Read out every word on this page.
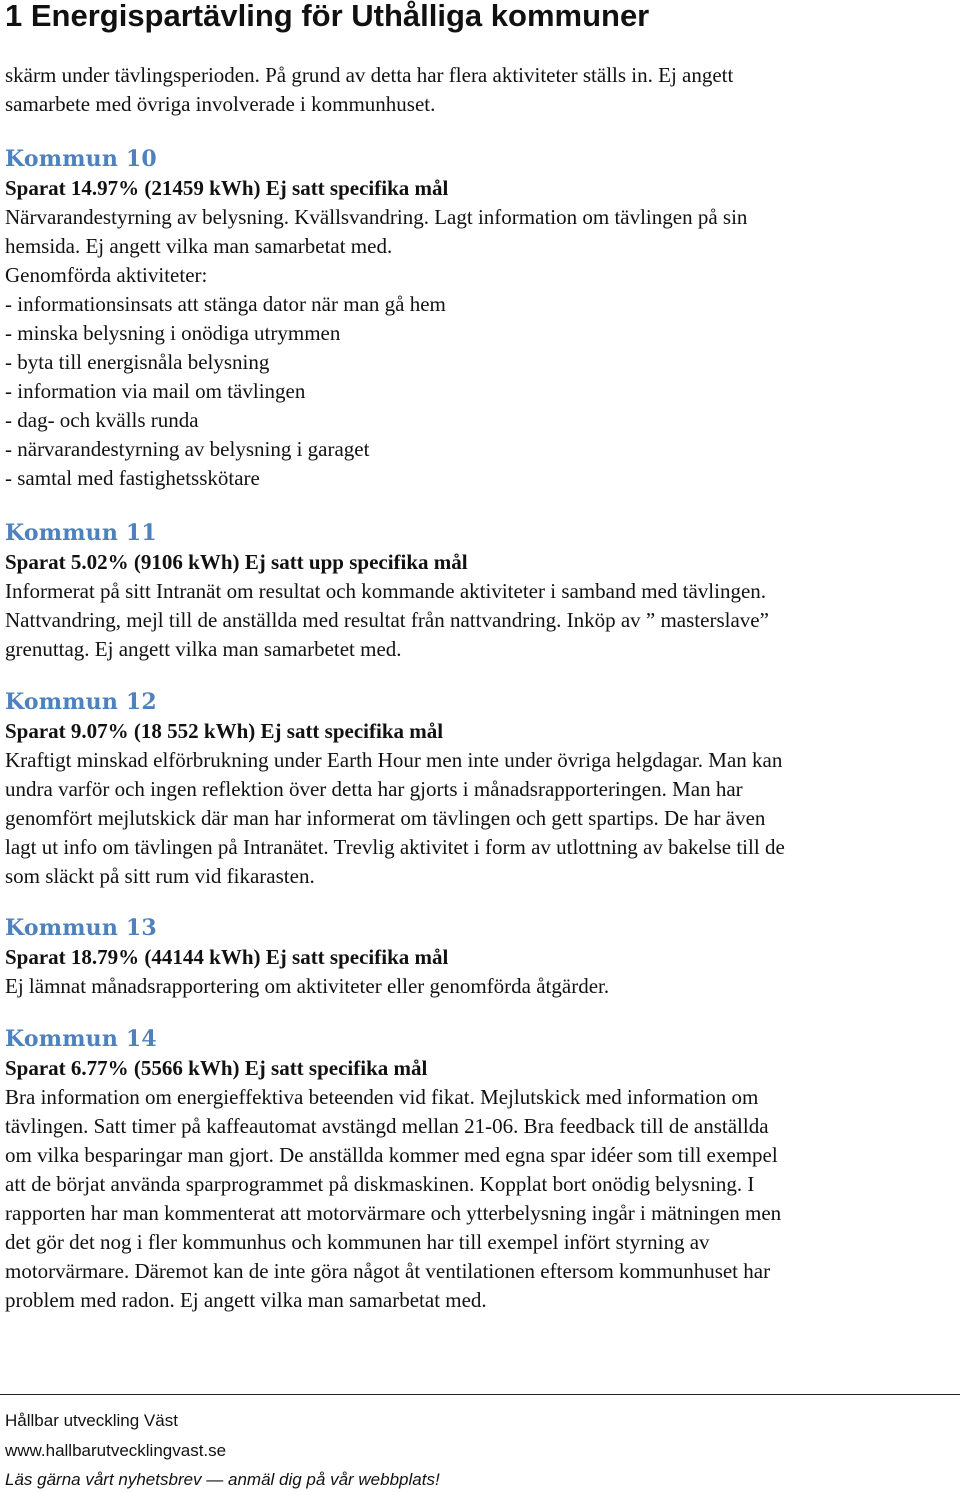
1 Energispartävling för Uthålliga kommuner

skärm under tävlingsperioden. På grund av detta har flera aktiviteter ställs in. Ej angett

samarbete med övriga involverade i kommunhuset.

Kommun 10

Sparat 14.97% (21459 kWh) Ej satt specifika mål

Närvarandestyrning av belysning. Kvällsvandring. Lagt information om tävlingen på sin

hemsida. Ej angett vilka man samarbetat med.

Genomförda aktiviteter:

- informationsinsats att stänga dator när man gå hem

- minska belysning i onödiga utrymmen

- byta till energisnåla belysning

- information via mail om tävlingen

- dag- och kvälls runda

- närvarandestyrning av belysning i garaget

- samtal med fastighetsskötare

Kommun 11

Sparat 5.02% (9106 kWh) Ej satt upp specifika mål

Informerat på sitt Intranät om resultat och kommande aktiviteter i samband med tävlingen.

Nattvandring, mejl till de anställda med resultat från nattvandring. Inköp av ” masterslave”

grenuttag. Ej angett vilka man samarbetet med.

Kommun 12

Sparat 9.07% (18 552 kWh) Ej satt specifika mål

Kraftigt minskad elförbrukning under Earth Hour men inte under övriga helgdagar. Man kan

undra varför och ingen reflektion över detta har gjorts i månadsrapporteringen. Man har

genomfört mejlutskick där man har informerat om tävlingen och gett spartips. De har även

lagt ut info om tävlingen på Intranätet. Trevlig aktivitet i form av utlottning av bakelse till de

som släckt på sitt rum vid fikarasten.

Kommun 13

Sparat 18.79% (44144 kWh) Ej satt specifika mål

Ej lämnat månadsrapportering om aktiviteter eller genomförda åtgärder.

Kommun 14

Sparat 6.77% (5566 kWh) Ej satt specifika mål

Bra information om energieffektiva beteenden vid fikat. Mejlutskick med information om

tävlingen. Satt timer på kaffeautomat avstängd mellan 21-06. Bra feedback till de anställda

om vilka besparingar man gjort. De anställda kommer med egna spar idéer som till exempel

att de börjat använda sparprogrammet på diskmaskinen. Kopplat bort onödig belysning. I

rapporten har man kommenterat att motorvärmare och ytterbelysning ingår i mätningen men

det gör det nog i fler kommunhus och kommunen har till exempel infört styrning av

motorvärmare. Däremot kan de inte göra något åt ventilationen eftersom kommunhuset har

problem med radon. Ej angett vilka man samarbetat med.

Hållbar utveckling Väst
www.hallbarutvecklingvast.se
Läs gärna vårt nyhetsbrev — anmäl dig på vår webbplats!
